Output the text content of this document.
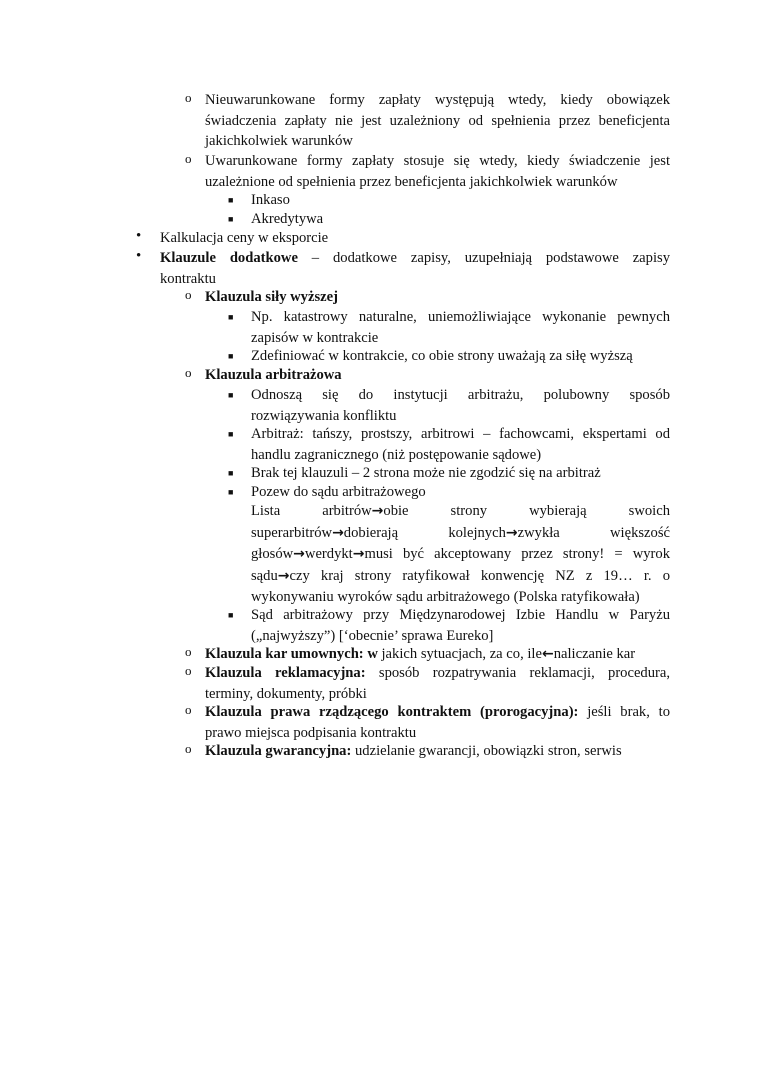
o Nieuwarunkowane formy zapłaty występują wtedy, kiedy obowiązek
świadczenia zapłaty nie jest uzależniony od spełnienia przez beneficjenta
jakichkolwiek warunków
o Uwarunkowane formy zapłaty stosuje się wtedy, kiedy świadczenie jest
uzależnione od spełnienia przez beneficjenta jakichkolwiek warunków
■ Inkaso
■ Akredytywa
• Kalkulacja ceny w eksporcie
• Klauzule dodatkowe – dodatkowe zapisy, uzupełniają podstawowe zapisy
kontraktu
o Klauzula siły wyższej
■ Np. katastrowy naturalne, uniemożliwiające wykonanie pewnych
zapisów w kontrakcie
■ Zdefiniować w kontrakcie, co obie strony uważają za siłę wyższą
o Klauzula arbitrażowa
■ Odnoszą się do instytucji arbitrażu, polubowny sposób
rozwiązywania konfliktu
■ Arbitraż: tańszy, prostszy, arbitrowi – fachowcami, ekspertami od
handlu zagranicznego (niż postępowanie sądowe)
■ Brak tej klauzuli – 2 strona może nie zgodzić się na arbitraż
■ Pozew do sądu arbitrażowego
Lista arbitrów→obie strony wybierają swoich
superarbitrów→dobierają kolejnych→zwykła większość
głosów→werdykt→musi być akceptowany przez strony! = wyrok
sądu→czy kraj strony ratyfikował konwencję NZ z 19… r. o
wykonywaniu wyroków sądu arbitrażowego (Polska ratyfikowała)
■ Sąd arbitrażowy przy Międzynarodowej Izbie Handlu w Paryżu
(„najwyższy”) [‘obecnie’ sprawa Eureko]
o Klauzula kar umownych: w jakich sytuacjach, za co, ile←naliczanie kar
o Klauzula reklamacyjna: sposób rozpatrywania reklamacji, procedura,
terminy, dokumenty, próbki
o Klauzula prawa rządzącego kontraktem (prorogacyjna): jeśli brak, to
prawo miejsca podpisania kontraktu
o Klauzula gwarancyjna: udzielanie gwarancji, obowiązki stron, serwis
